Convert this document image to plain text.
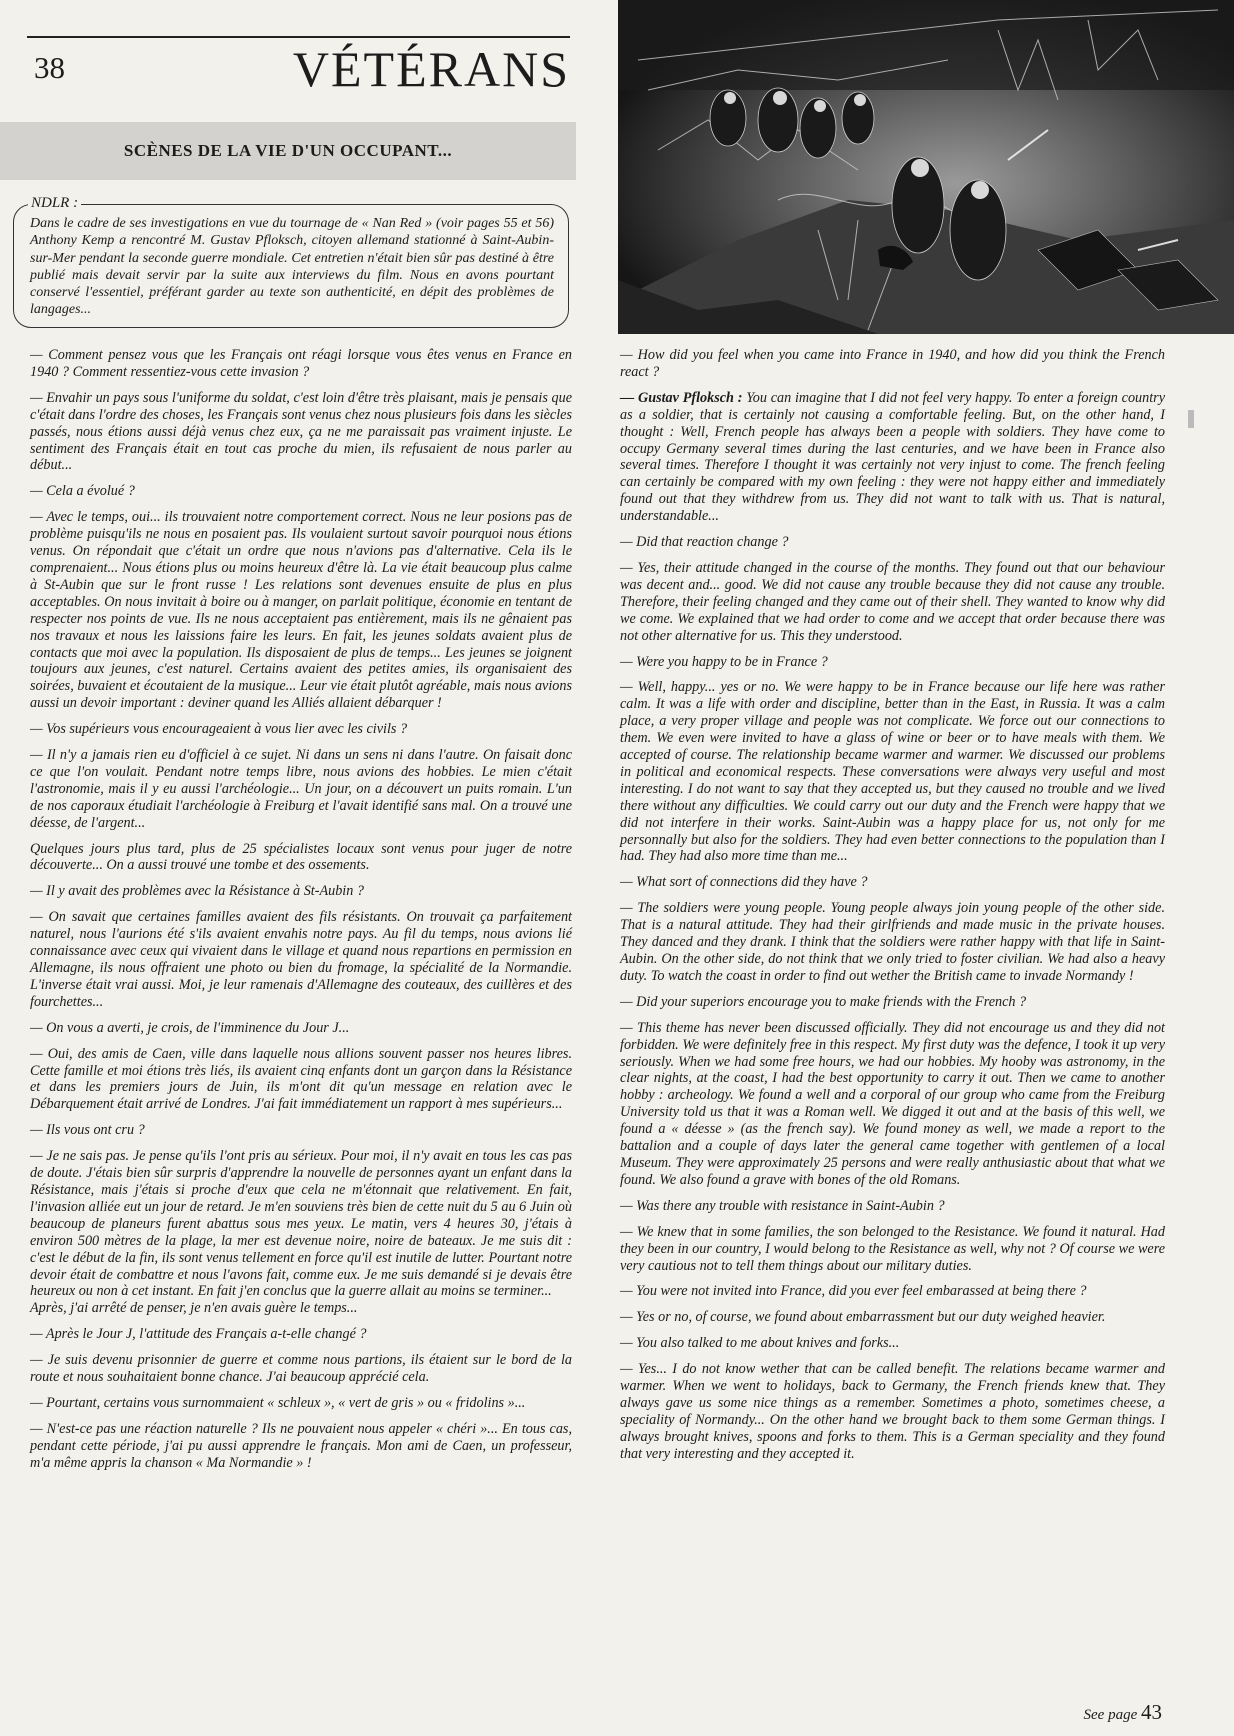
38	VÉTÉRANS
SCÈNES DE LA VIE D'UN OCCUPANT...
NDLR :
Dans le cadre de ses investigations en vue du tournage de « Nan Red » (voir pages 55 et 56) Anthony Kemp a rencontré M. Gustav Pfloksch, citoyen allemand stationné à Saint-Aubin-sur-Mer pendant la seconde guerre mondiale. Cet entretien n'était bien sûr pas destiné à être publié mais devait servir par la suite aux interviews du film. Nous en avons pourtant conservé l'essentiel, préférant garder au texte son authenticité, en dépit des problèmes de langages...

— Comment pensez vous que les Français ont réagi lorsque vous êtes venus en France en 1940 ? Comment ressentiez-vous cette invasion ?

— Envahir un pays sous l'uniforme du soldat, c'est loin d'être très plaisant, mais je pensais que c'était dans l'ordre des choses, les Français sont venus chez nous plusieurs fois dans les siècles passés, nous étions aussi déjà venus chez eux, ça ne me paraissait pas vraiment injuste. Le sentiment des Français était en tout cas proche du mien, ils refusaient de nous parler au début...

— Cela a évolué ?

— Avec le temps, oui... ils trouvaient notre comportement correct. Nous ne leur posions pas de problème puisqu'ils ne nous en posaient pas. Ils voulaient surtout savoir pourquoi nous étions venus. On répondait que c'était un ordre que nous n'avions pas d'alternative. Cela ils le comprenaient... Nous étions plus ou moins heureux d'être là. La vie était beaucoup plus calme à St-Aubin que sur le front russe ! Les relations sont devenues ensuite de plus en plus acceptables. On nous invitait à boire ou à manger, on parlait politique, économie en tentant de respecter nos points de vue. Ils ne nous acceptaient pas entièrement, mais ils ne gênaient pas nos travaux et nous les laissions faire les leurs. En fait, les jeunes soldats avaient plus de contacts que moi avec la population. Ils disposaient de plus de temps... Les jeunes se joignent toujours aux jeunes, c'est naturel. Certains avaient des petites amies, ils organisaient des soirées, buvaient et écoutaient de la musique... Leur vie était plutôt agréable, mais nous avions aussi un devoir important : deviner quand les Alliés allaient débarquer !

— Vos supérieurs vous encourageaient à vous lier avec les civils ?

— Il n'y a jamais rien eu d'officiel à ce sujet. Ni dans un sens ni dans l'autre. On faisait donc ce que l'on voulait. Pendant notre temps libre, nous avions des hobbies. Le mien c'était l'astronomie, mais il y eu aussi l'archéologie... Un jour, on a découvert un puits romain. L'un de nos caporaux étudiait l'archéologie à Freiburg et l'avait identifié sans mal. On a trouvé une déesse, de l'argent...

Quelques jours plus tard, plus de 25 spécialistes locaux sont venus pour juger de notre découverte... On a aussi trouvé une tombe et des ossements.

— Il y avait des problèmes avec la Résistance à St-Aubin ?

— On savait que certaines familles avaient des fils résistants. On trouvait ça parfaitement naturel, nous l'aurions été s'ils avaient envahis notre pays. Au fil du temps, nous avions lié connaissance avec ceux qui vivaient dans le village et quand nous repartions en permission en Allemagne, ils nous offraient une photo ou bien du fromage, la spécialité de la Normandie. L'inverse était vrai aussi. Moi, je leur ramenais d'Allemagne des couteaux, des cuillères et des fourchettes...

— On vous a averti, je crois, de l'imminence du Jour J...

— Oui, des amis de Caen, ville dans laquelle nous allions souvent passer nos heures libres. Cette famille et moi étions très liés, ils avaient cinq enfants dont un garçon dans la Résistance et dans les premiers jours de Juin, ils m'ont dit qu'un message en relation avec le Débarquement était arrivé de Londres. J'ai fait immédiatement un rapport à mes supérieurs...

— Ils vous ont cru ?

— Je ne sais pas. Je pense qu'ils l'ont pris au sérieux. Pour moi, il n'y avait en tous les cas pas de doute. J'étais bien sûr surpris d'apprendre la nouvelle de personnes ayant un enfant dans la Résistance, mais j'étais si proche d'eux que cela ne m'étonnait que relativement. En fait, l'invasion alliée eut un jour de retard. Je m'en souviens très bien de cette nuit du 5 au 6 Juin où beaucoup de planeurs furent abattus sous mes yeux. Le matin, vers 4 heures 30, j'étais à environ 500 mètres de la plage, la mer est devenue noire, noire de bateaux. Je me suis dit : c'est le début de la fin, ils sont venus tellement en force qu'il est inutile de lutter. Pourtant notre devoir était de combattre et nous l'avons fait, comme eux. Je me suis demandé si je devais être heureux ou non à cet instant. En fait j'en conclus que la guerre allait au moins se terminer...

Après, j'ai arrêté de penser, je n'en avais guère le temps...

— Après le Jour J, l'attitude des Français a-t-elle changé ?

— Je suis devenu prisonnier de guerre et comme nous partions, ils étaient sur le bord de la route et nous souhaitaient bonne chance. J'ai beaucoup apprécié cela.

— Pourtant, certains vous surnommaient « schleux », « vert de gris » ou « fridolins »...

— N'est-ce pas une réaction naturelle ? Ils ne pouvaient nous appeler « chéri »... En tous cas, pendant cette période, j'ai pu aussi apprendre le français. Mon ami de Caen, un professeur, m'a même appris la chanson « Ma Normandie » !

— How did you feel when you came into France in 1940, and how did you think the French react ?

— Gustav Pfloksch : You can imagine that I did not feel very happy. To enter a foreign country as a soldier, that is certainly not causing a comfortable feeling. But, on the other hand, I thought : Well, French people has always been a people with soldiers. They have come to occupy Germany several times during the last centuries, and we have been in France also several times. Therefore I thought it was certainly not very injust to come. The french feeling can certainly be compared with my own feeling : they were not happy either and immediately found out that they withdrew from us. They did not want to talk with us. That is natural, understandable...

— Did that reaction change ?

— Yes, their attitude changed in the course of the months. They found out that our behaviour was decent and... good. We did not cause any trouble because they did not cause any trouble. Therefore, their feeling changed and they came out of their shell. They wanted to know why did we come. We explained that we had order to come and we accept that order because there was not other alternative for us. This they understood.

— Were you happy to be in France ?

— Well, happy... yes or no. We were happy to be in France because our life here was rather calm. It was a life with order and discipline, better than in the East, in Russia. It was a calm place, a very proper village and people was not complicate. We force out our connections to them. We even were invited to have a glass of wine or beer or to have meals with them. We accepted of course. The relationship became warmer and warmer. We discussed our problems in political and economical respects. These conversations were always very useful and most interesting. I do not want to say that they accepted us, but they caused no trouble and we lived there without any difficulties. We could carry out our duty and the French were happy that we did not interfere in their works. Saint-Aubin was a happy place for us, not only for me personnally but also for the soldiers. They had even better connections to the population than I had. They had also more time than me...

— What sort of connections did they have ?

— The soldiers were young people. Young people always join young people of the other side. That is a natural attitude. They had their girlfriends and made music in the private houses. They danced and they drank. I think that the soldiers were rather happy with that life in Saint-Aubin. On the other side, do not think that we only tried to foster civilian. We had also a heavy duty. To watch the coast in order to find out wether the British came to invade Normandy !

— Did your superiors encourage you to make friends with the French ?

— This theme has never been discussed officially. They did not encourage us and they did not forbidden. We were definitely free in this respect. My first duty was the defence, I took it up very seriously. When we had some free hours, we had our hobbies. My hooby was astronomy, in the clear nights, at the coast, I had the best opportunity to carry it out. Then we came to another hobby : archeology. We found a well and a corporal of our group who came from the Freiburg University told us that it was a Roman well. We digged it out and at the basis of this well, we found a « déesse » (as the french say). We found money as well, we made a report to the battalion and a couple of days later the general came together with gentlemen of a local Museum. They were approximately 25 persons and were really anthusiastic about that what we found. We also found a grave with bones of the old Romans.

— Was there any trouble with resistance in Saint-Aubin ?

— We knew that in some families, the son belonged to the Resistance. We found it natural. Had they been in our country, I would belong to the Resistance as well, why not ? Of course we were very cautious not to tell them things about our military duties.

— You were not invited into France, did you ever feel embarassed at being there ?

— Yes or no, of course, we found about embarrassment but our duty weighed heavier.

— You also talked to me about knives and forks...

— Yes... I do not know wether that can be called benefit. The relations became warmer and warmer. When we went to holidays, back to Germany, the French friends knew that. They always gave us some nice things as a remember. Sometimes a photo, sometimes cheese, a speciality of Normandy... On the other hand we brought back to them some German things. I always brought knives, spoons and forks to them. This is a German speciality and they found that very interesting and they accepted it.

See page 43
